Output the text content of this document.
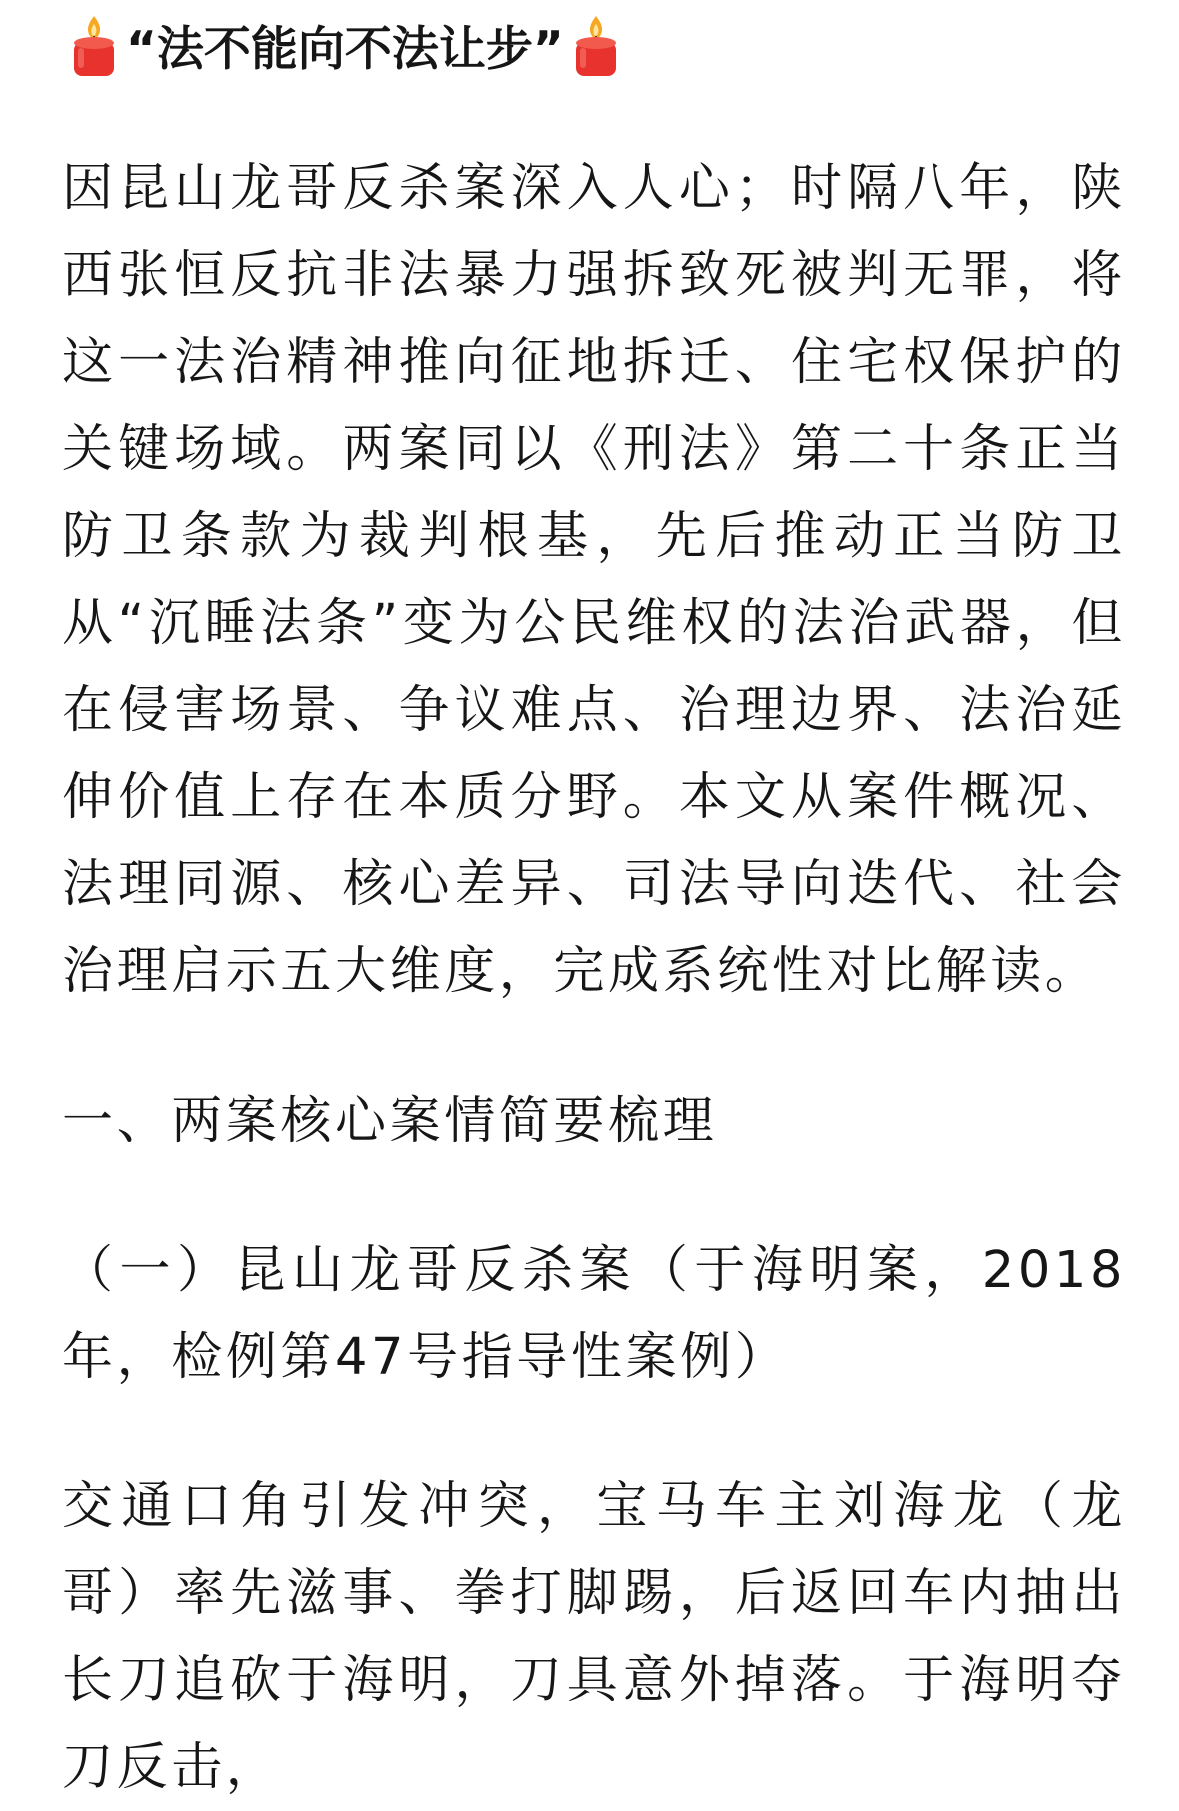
“法不能向不法让步”

因昆山龙哥反杀案深入人心；时隔八年，陕西张恒反抗非法暴力强拆致死被判无罪，将这一法治精神推向征地拆迁、住宅权保护的关键场域。两案同以《刑法》第二十条正当防卫条款为裁判根基，先后推动正当防卫从“沉睡法条”变为公民维权的法治武器，但在侵害场景、争议难点、治理边界、法治延伸价值上存在本质分野。本文从案件概况、法理同源、核心差异、司法导向迭代、社会治理启示五大维度，完成系统性对比解读。

一、两案核心案情简要梳理

（一）昆山龙哥反杀案（于海明案，2018年，检例第47号指导性案例）

交通口角引发冲突，宝马车主刘海龙（龙哥）率先滋事、拳打脚踢，后返回车内抽出长刀追砍于海明，刀具意外掉落。于海明夺刀反击，
